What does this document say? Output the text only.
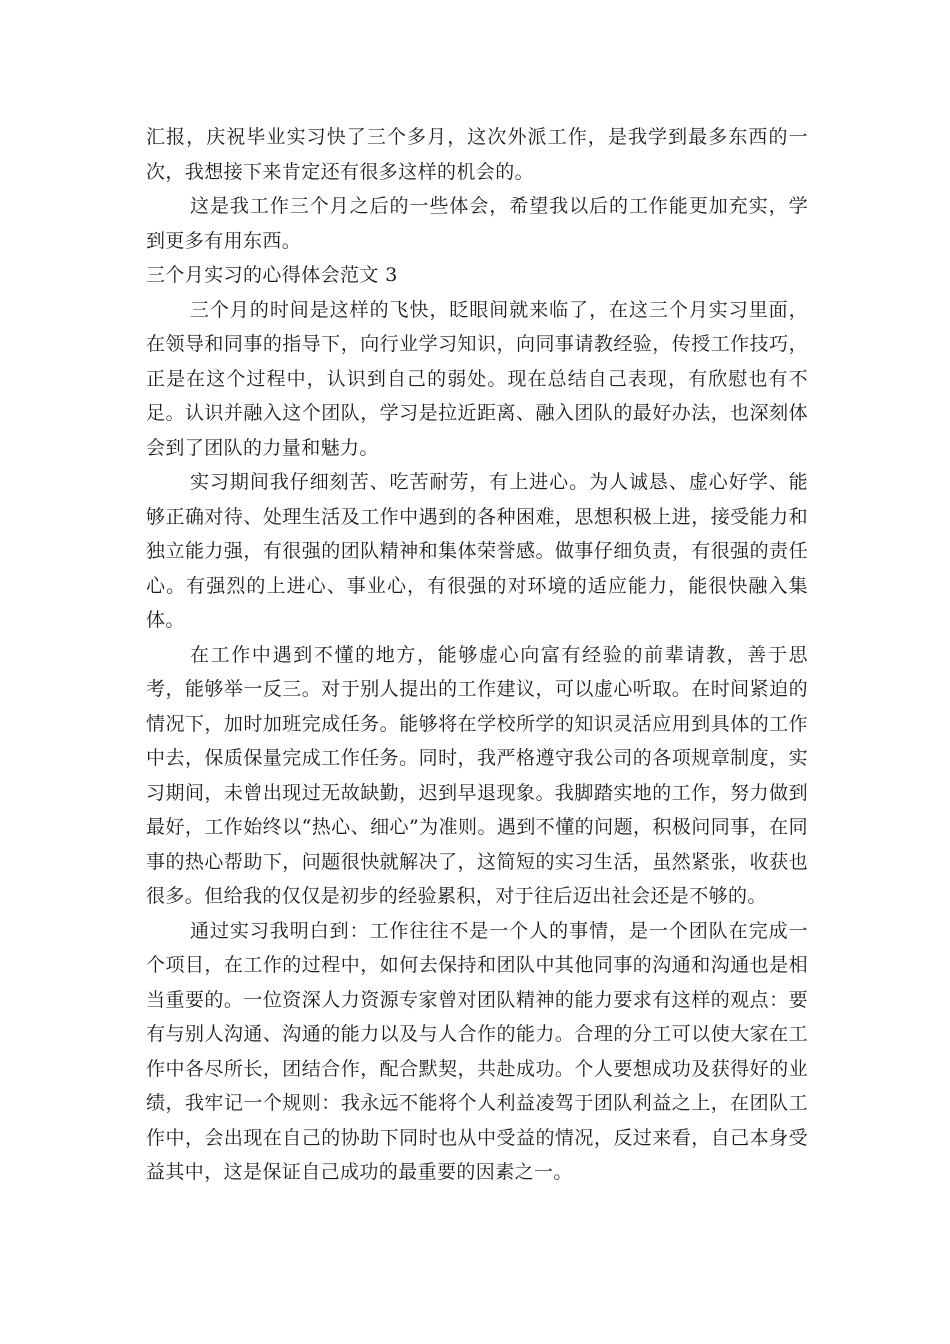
汇报，庆祝毕业实习快了三个多月，这次外派工作，是我学到最多东西的一次，我想接下来肯定还有很多这样的机会的。

这是我工作三个月之后的一些体会，希望我以后的工作能更加充实，学到更多有用东西。

三个月实习的心得体会范文 3

三个月的时间是这样的飞快，眨眼间就来临了，在这三个月实习里面，在领导和同事的指导下，向行业学习知识，向同事请教经验，传授工作技巧，正是在这个过程中，认识到自己的弱处。现在总结自己表现，有欣慰也有不足。认识并融入这个团队，学习是拉近距离、融入团队的最好办法，也深刻体会到了团队的力量和魅力。

实习期间我仔细刻苦、吃苦耐劳，有上进心。为人诚恳、虚心好学、能够正确对待、处理生活及工作中遇到的各种困难，思想积极上进，接受能力和独立能力强，有很强的团队精神和集体荣誉感。做事仔细负责，有很强的责任心。有强烈的上进心、事业心，有很强的对环境的适应能力，能很快融入集体。

在工作中遇到不懂的地方，能够虚心向富有经验的前辈请教，善于思考，能够举一反三。对于别人提出的工作建议，可以虚心听取。在时间紧迫的情况下，加时加班完成任务。能够将在学校所学的知识灵活应用到具体的工作中去，保质保量完成工作任务。同时，我严格遵守我公司的各项规章制度，实习期间，未曾出现过无故缺勤，迟到早退现象。我脚踏实地的工作，努力做到最好，工作始终以“热心、细心”为准则。遇到不懂的问题，积极问同事，在同事的热心帮助下，问题很快就解决了，这简短的实习生活，虽然紧张，收获也很多。但给我的仅仅是初步的经验累积，对于往后迈出社会还是不够的。

通过实习我明白到：工作往往不是一个人的事情，是一个团队在完成一个项目，在工作的过程中，如何去保持和团队中其他同事的沟通和沟通也是相当重要的。一位资深人力资源专家曾对团队精神的能力要求有这样的观点：要有与别人沟通、沟通的能力以及与人合作的能力。合理的分工可以使大家在工作中各尽所长，团结合作，配合默契，共赴成功。个人要想成功及获得好的业绩，我牢记一个规则：我永远不能将个人利益凌驾于团队利益之上，在团队工作中，会出现在自己的协助下同时也从中受益的情况，反过来看，自己本身受益其中，这是保证自己成功的最重要的因素之一。
